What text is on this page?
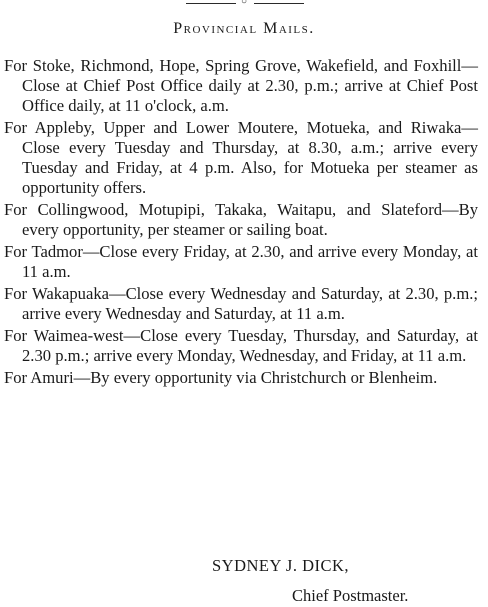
○
Provincial Mails.

For Stoke, Richmond, Hope, Spring Grove, Wakefield, and Foxhill—Close at Chief Post Office daily at 2.30, p.m.; arrive at Chief Post Office daily, at 11 o'clock, a.m.

For Appleby, Upper and Lower Moutere, Motueka, and Riwaka—Close every Tuesday and Thursday, at 8.30, a.m.; arrive every Tuesday and Friday, at 4 p.m. Also, for Motueka per steamer as opportunity offers.

For Collingwood, Motupipi, Takaka, Waitapu, and Slateford—By every opportunity, per steamer or sailing boat.

For Tadmor—Close every Friday, at 2.30, and arrive every Monday, at 11 a.m.

For Wakapuaka—Close every Wednesday and Saturday, at 2.30, p.m.; arrive every Wednesday and Saturday, at 11 a.m.

For Waimea-west—Close every Tuesday, Thursday, and Saturday, at 2.30 p.m.; arrive every Monday, Wednesday, and Friday, at 11 a.m.

For Amuri—By every opportunity via Christchurch or Blenheim.

SYDNEY J. DICK,
Chief Postmaster.
